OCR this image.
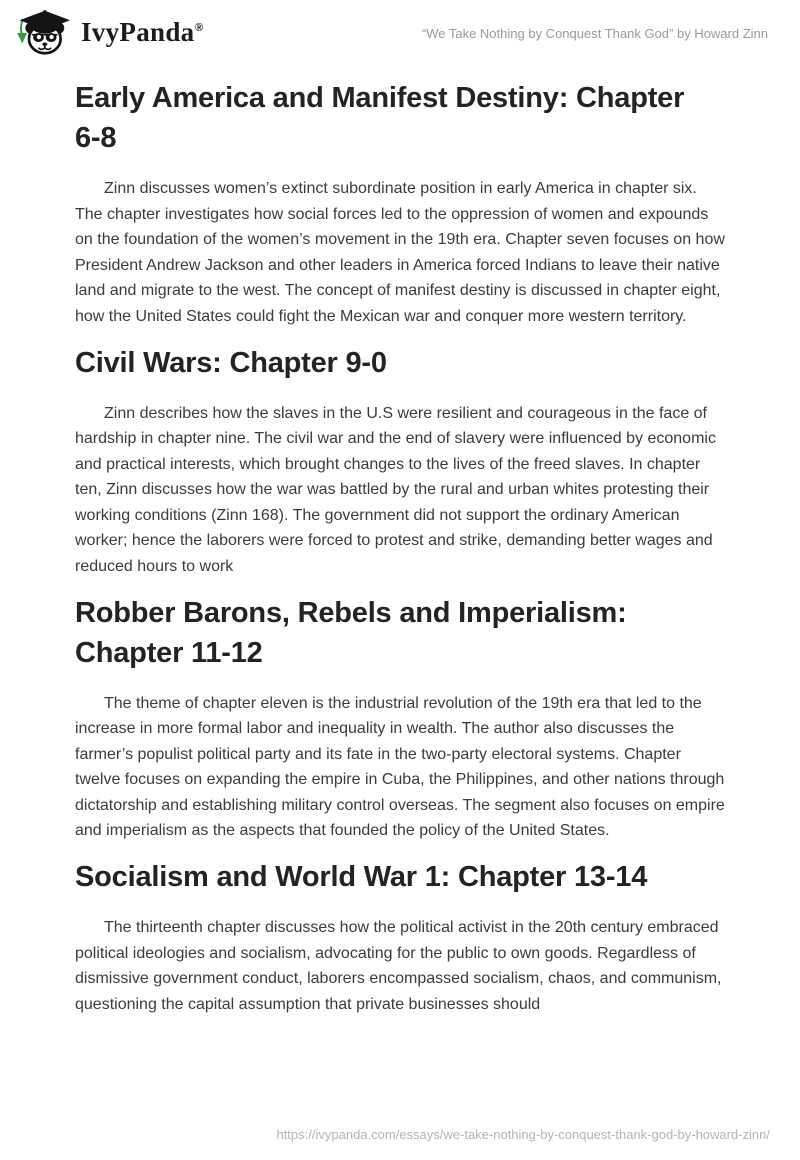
IvyPanda®	“We Take Nothing by Conquest Thank God” by Howard Zinn
Early America and Manifest Destiny: Chapter
6-8

Zinn discusses women’s extinct subordinate position in early America in chapter six. The chapter investigates how social forces led to the oppression of women and expounds on the foundation of the women’s movement in the 19th era. Chapter seven focuses on how President Andrew Jackson and other leaders in America forced Indians to leave their native land and migrate to the west. The concept of manifest destiny is discussed in chapter eight, how the United States could fight the Mexican war and conquer more western territory.

Civil Wars: Chapter 9-0

Zinn describes how the slaves in the U.S were resilient and courageous in the face of hardship in chapter nine. The civil war and the end of slavery were influenced by economic and practical interests, which brought changes to the lives of the freed slaves. In chapter ten, Zinn discusses how the war was battled by the rural and urban whites protesting their working conditions (Zinn 168). The government did not support the ordinary American worker; hence the laborers were forced to protest and strike, demanding better wages and reduced hours to work

Robber Barons, Rebels and Imperialism:
Chapter 11-12

The theme of chapter eleven is the industrial revolution of the 19th era that led to the increase in more formal labor and inequality in wealth. The author also discusses the farmer’s populist political party and its fate in the two-party electoral systems. Chapter twelve focuses on expanding the empire in Cuba, the Philippines, and other nations through dictatorship and establishing military control overseas. The segment also focuses on empire and imperialism as the aspects that founded the policy of the United States.

Socialism and World War 1: Chapter 13-14

The thirteenth chapter discusses how the political activist in the 20th century embraced political ideologies and socialism, advocating for the public to own goods. Regardless of dismissive government conduct, laborers encompassed socialism, chaos, and communism, questioning the capital assumption that private businesses should

https://ivypanda.com/essays/we-take-nothing-by-conquest-thank-god-by-howard-zinn/
